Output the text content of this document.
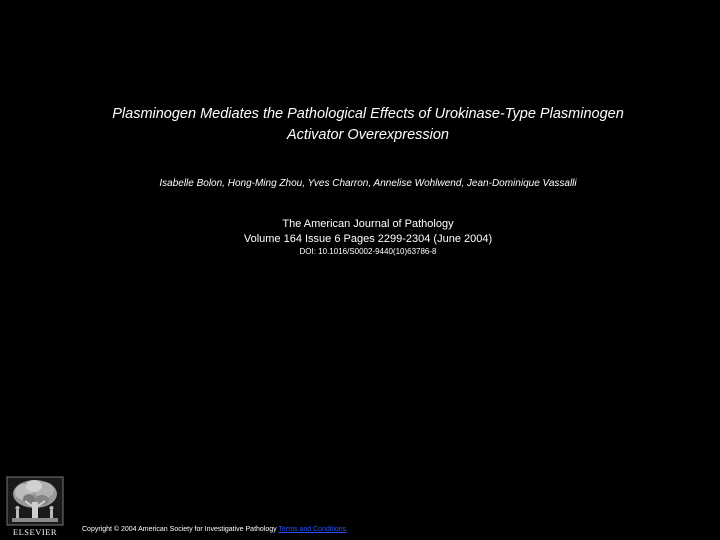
Plasminogen Mediates the Pathological Effects of Urokinase-Type Plasminogen
Activator Overexpression
Isabelle Bolon, Hong-Ming Zhou, Yves Charron, Annelise Wohlwend, Jean-Dominique Vassalli
The American Journal of Pathology
Volume 164 Issue 6 Pages 2299-2304 (June 2004)
DOI: 10.1016/S0002-9440(10)63786-8
ELSEVIER	Copyright © 2004 American Society for Investigative Pathology Terms and Conditions
